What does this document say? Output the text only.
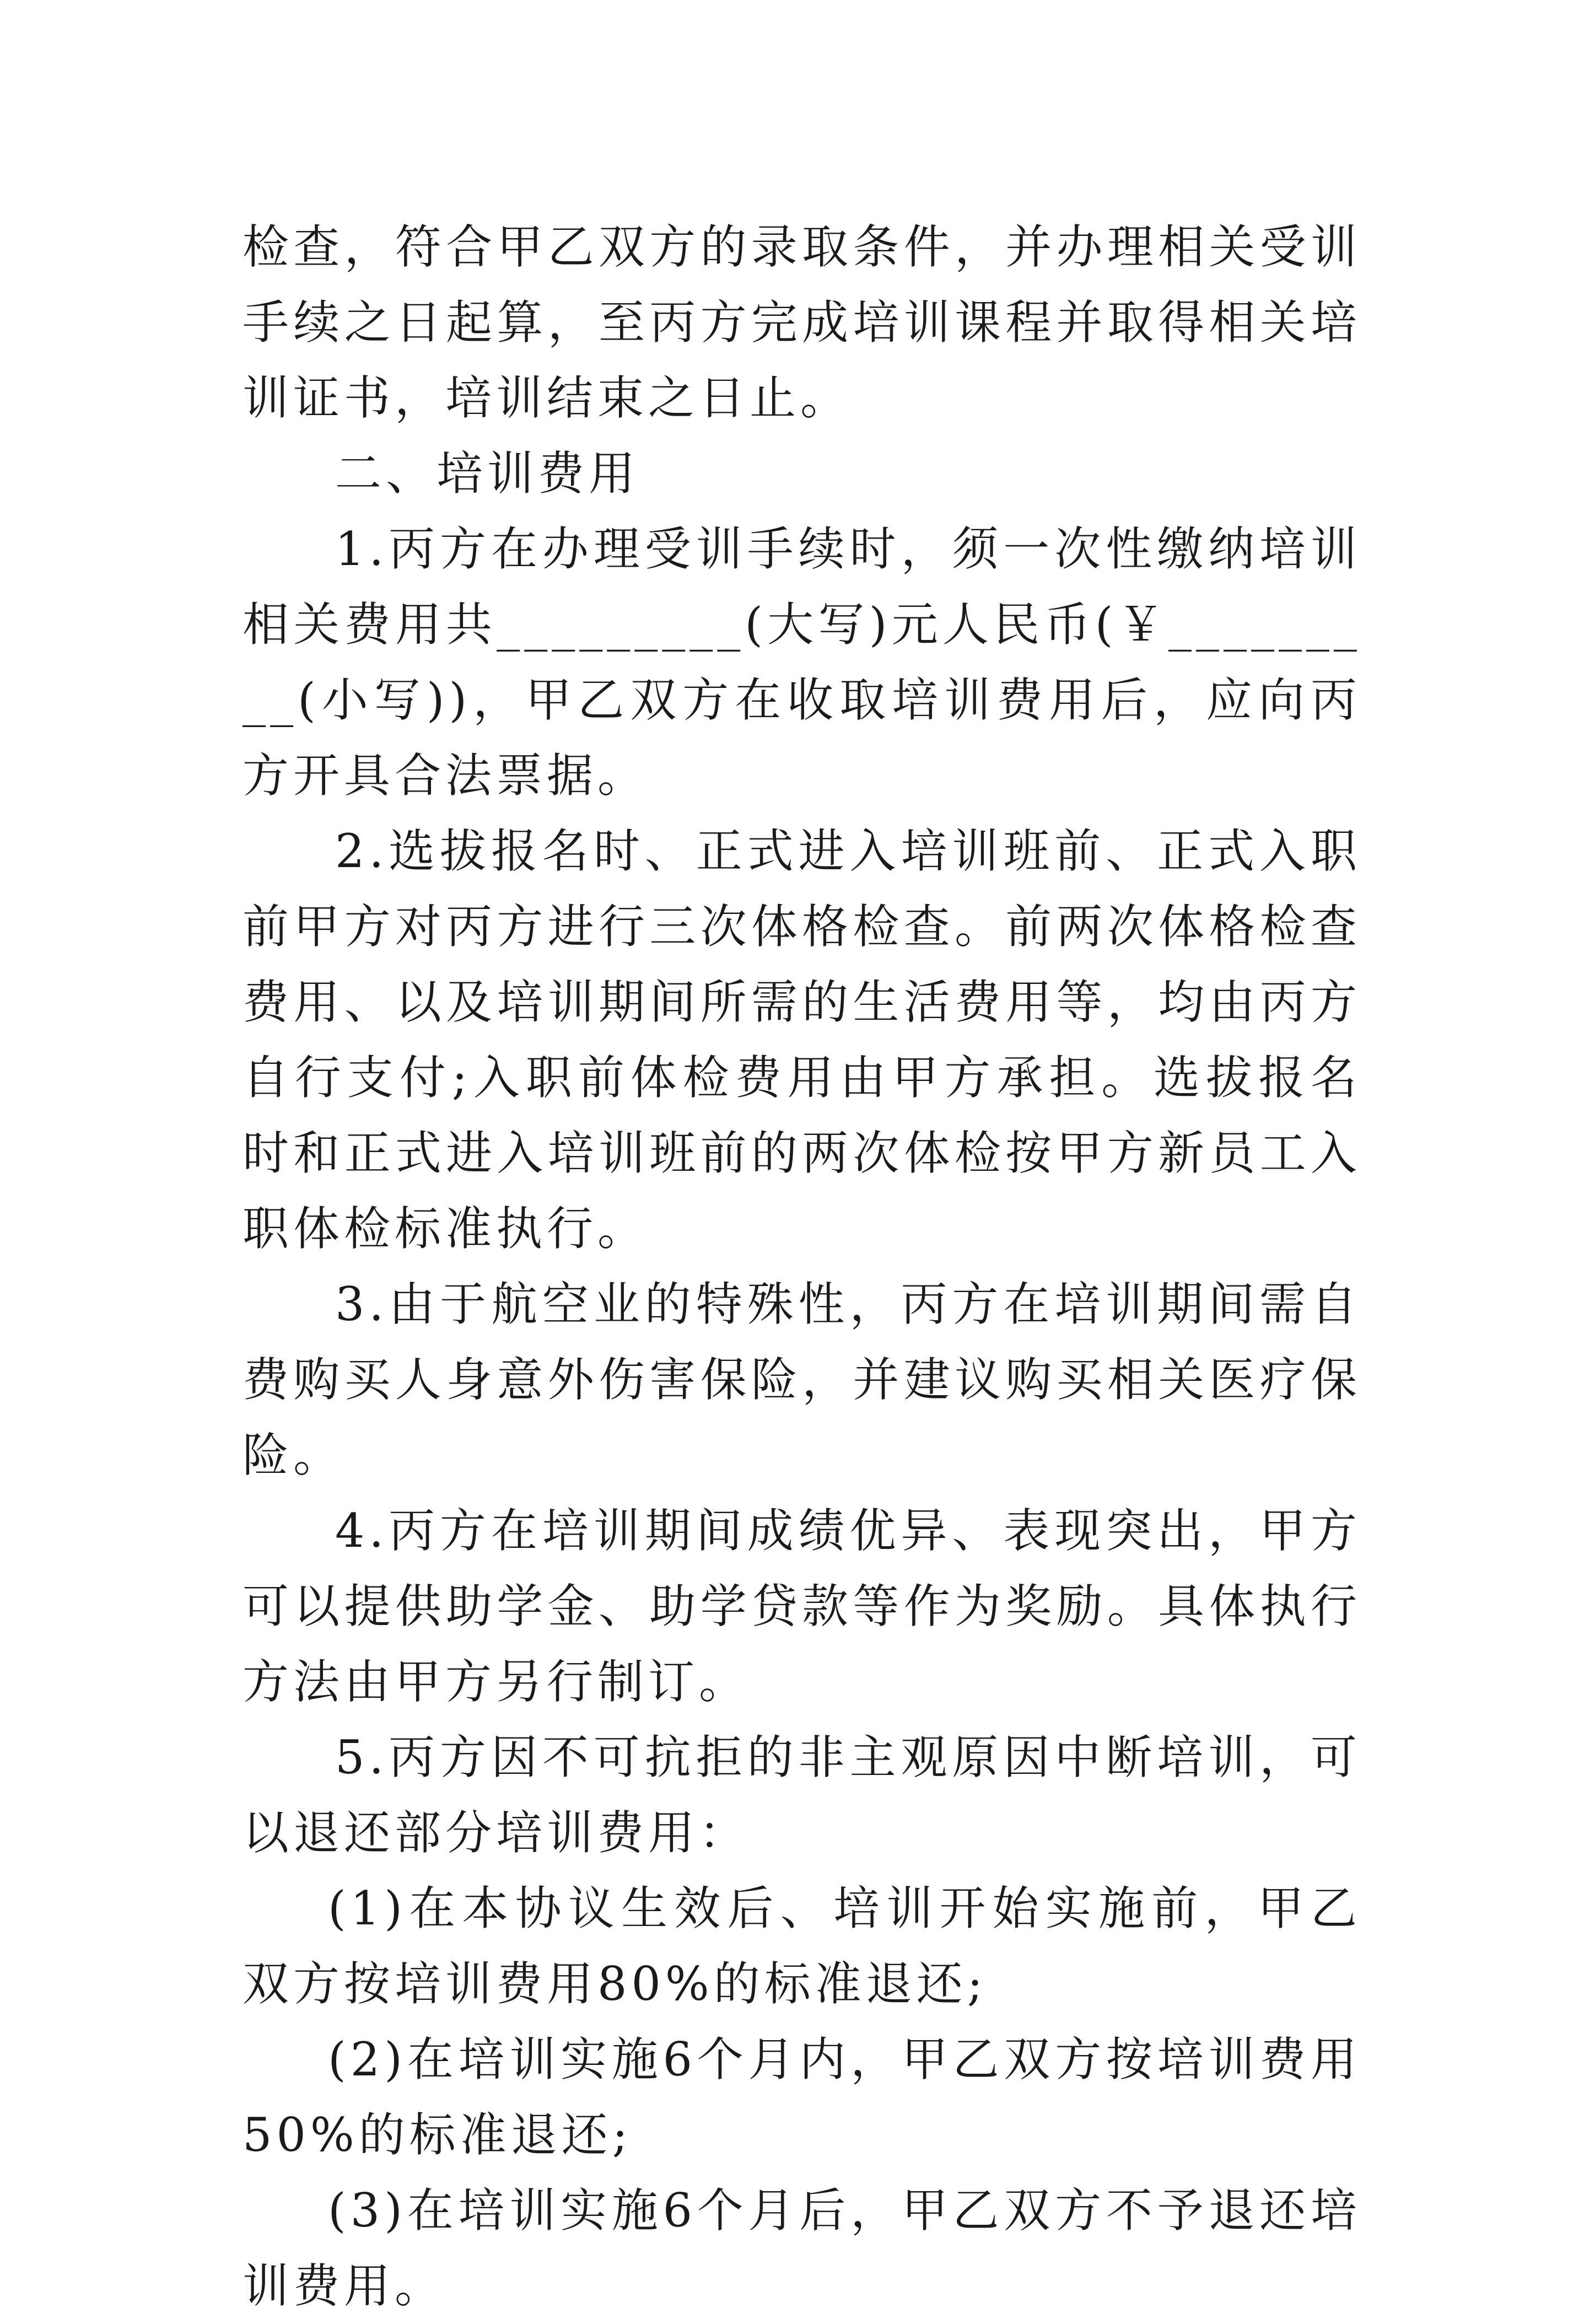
检查，符合甲乙双方的录取条件，并办理相关受训手续之日起算，至丙方完成培训课程并取得相关培训证书，培训结束之日止。

二、培训费用

1.丙方在办理受训手续时，须一次性缴纳培训相关费用共_________(大写)元人民币(￥_________(小写))，甲乙双方在收取培训费用后，应向丙方开具合法票据。

2.选拔报名时、正式进入培训班前、正式入职前甲方对丙方进行三次体格检查。前两次体格检查费用、以及培训期间所需的生活费用等，均由丙方自行支付;入职前体检费用由甲方承担。选拔报名时和正式进入培训班前的两次体检按甲方新员工入职体检标准执行。

3.由于航空业的特殊性，丙方在培训期间需自费购买人身意外伤害保险，并建议购买相关医疗保险。

4.丙方在培训期间成绩优异、表现突出，甲方可以提供助学金、助学贷款等作为奖励。具体执行方法由甲方另行制订。

5.丙方因不可抗拒的非主观原因中断培训，可以退还部分培训费用：

(1)在本协议生效后、培训开始实施前，甲乙双方按培训费用80%的标准退还;

(2)在培训实施6个月内，甲乙双方按培训费用50%的标准退还;

(3)在培训实施6个月后，甲乙双方不予退还培训费用。
